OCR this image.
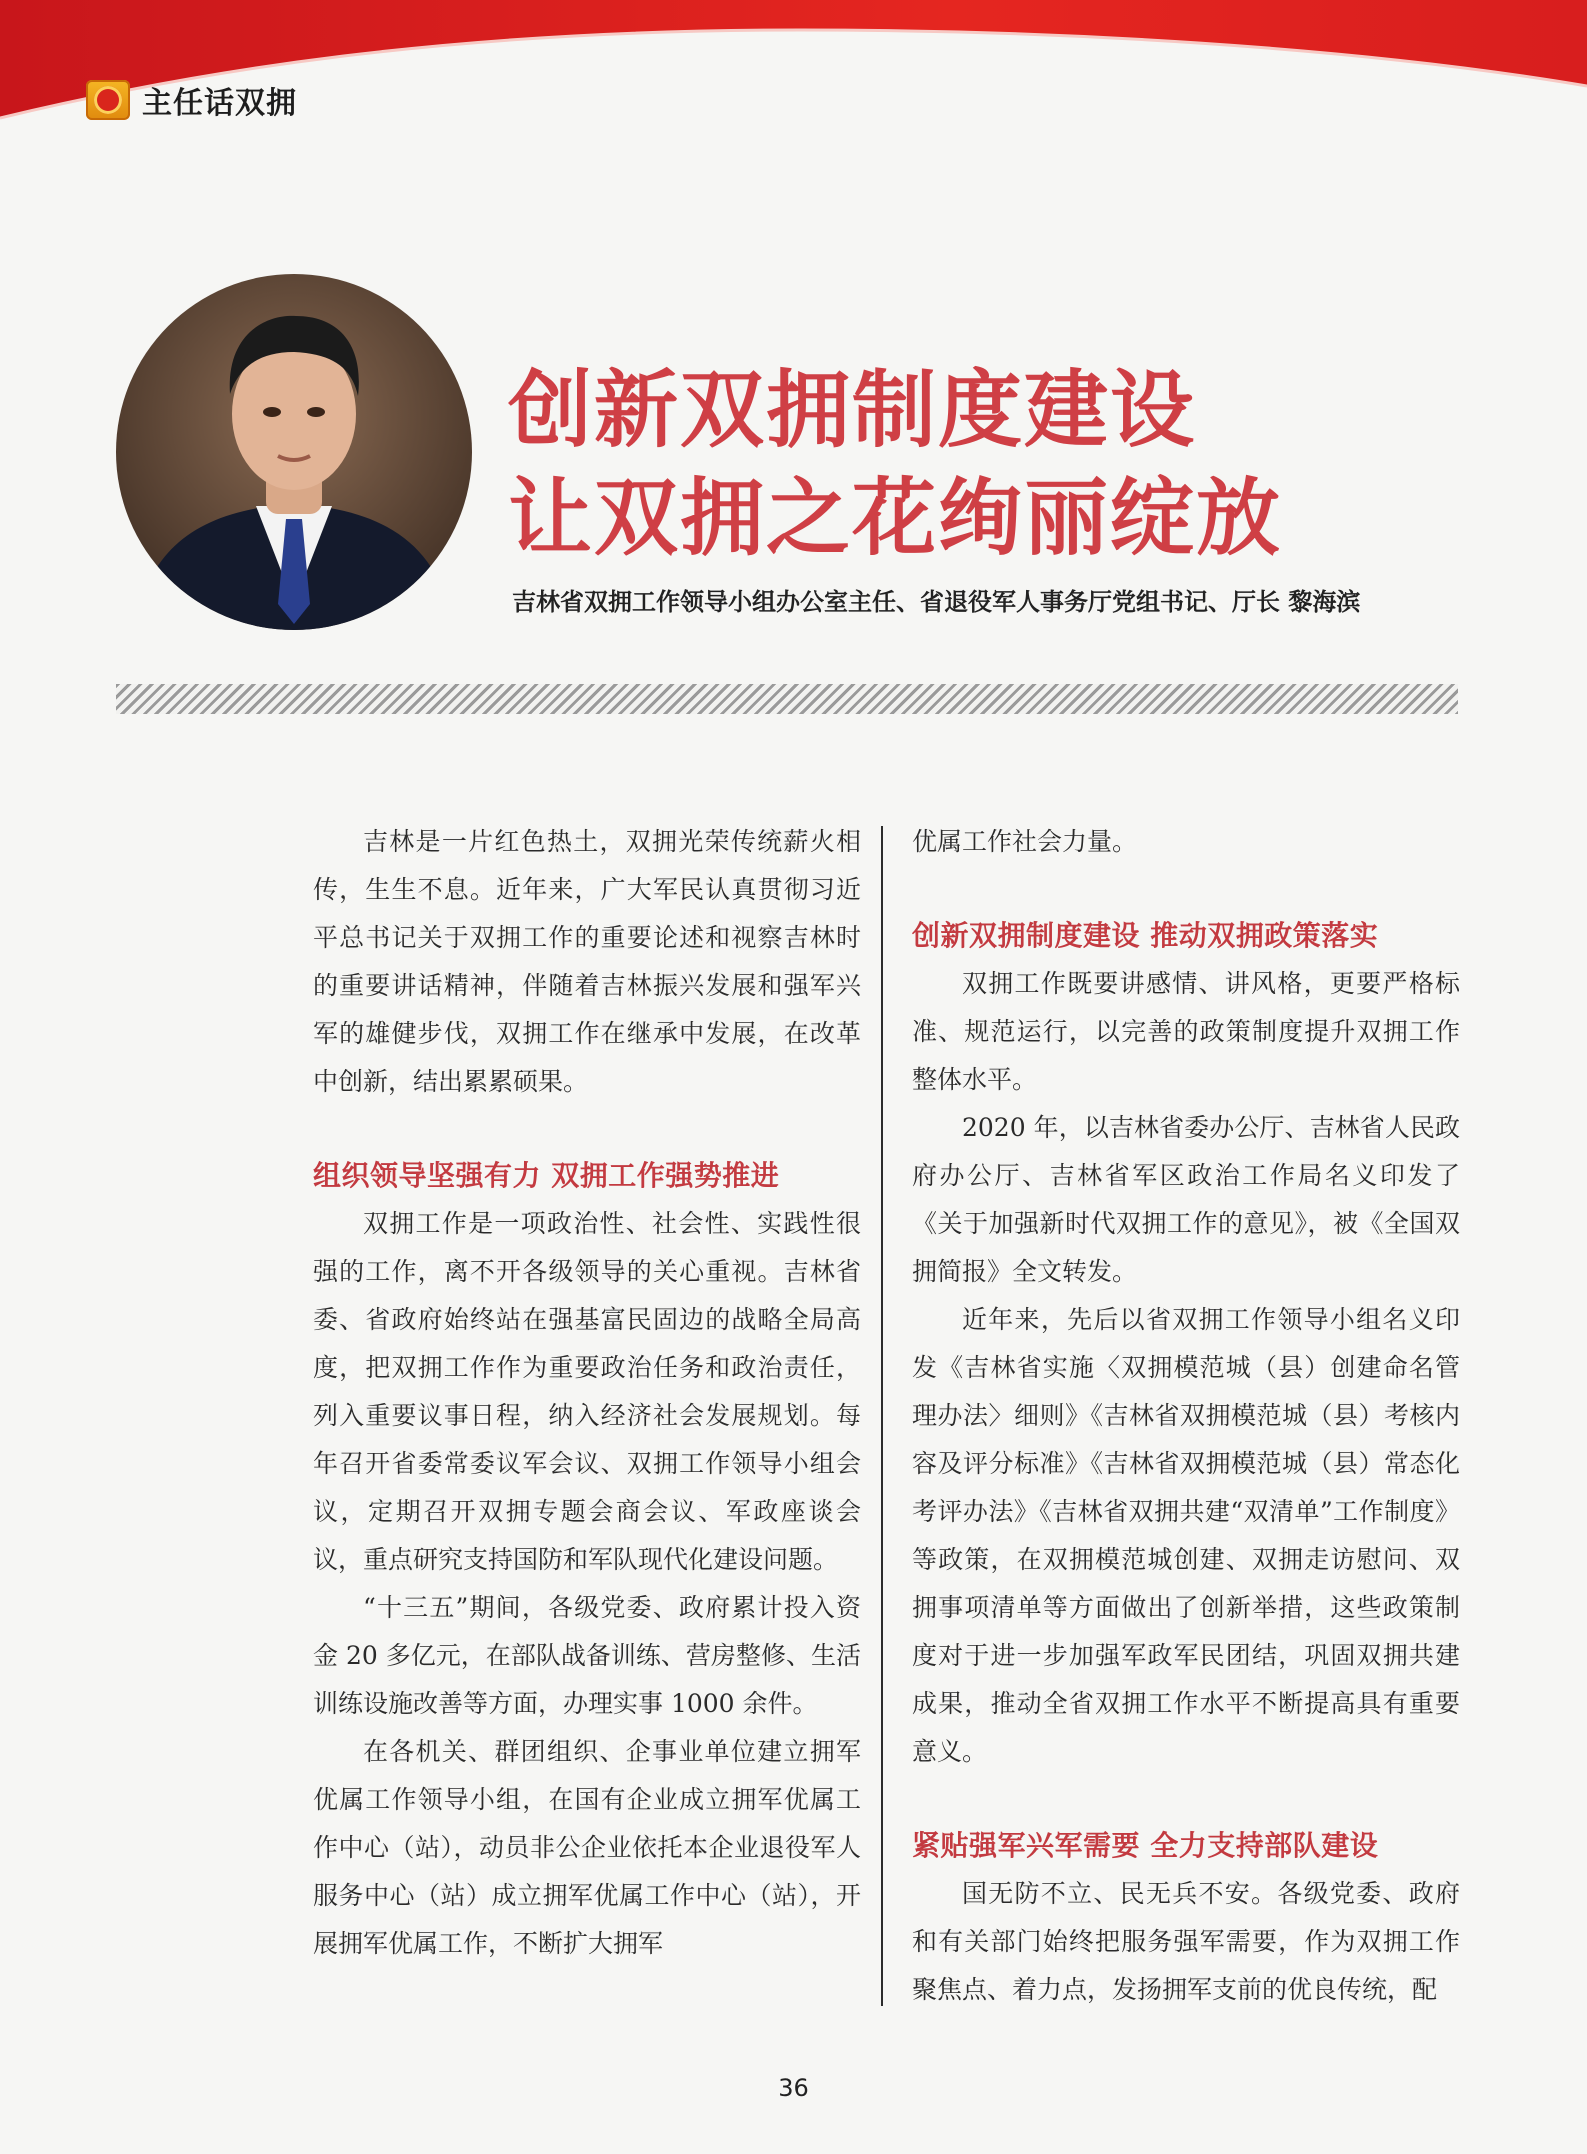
主任话双拥
创新双拥制度建设
让双拥之花绚丽绽放
吉林省双拥工作领导小组办公室主任、省退役军人事务厅党组书记、厅长 黎海滨

吉林是一片红色热土，双拥光荣传统薪火相传，生生不息。近年来，广大军民认真贯彻习近平总书记关于双拥工作的重要论述和视察吉林时的重要讲话精神，伴随着吉林振兴发展和强军兴军的雄健步伐，双拥工作在继承中发展，在改革中创新，结出累累硕果。

组织领导坚强有力 双拥工作强势推进

双拥工作是一项政治性、社会性、实践性很强的工作，离不开各级领导的关心重视。吉林省委、省政府始终站在强基富民固边的战略全局高度，把双拥工作作为重要政治任务和政治责任，列入重要议事日程，纳入经济社会发展规划。每年召开省委常委议军会议、双拥工作领导小组会议，定期召开双拥专题会商会议、军政座谈会议，重点研究支持国防和军队现代化建设问题。

“十三五”期间，各级党委、政府累计投入资金 20 多亿元，在部队战备训练、营房整修、生活训练设施改善等方面，办理实事 1000 余件。

在各机关、群团组织、企事业单位建立拥军优属工作领导小组，在国有企业成立拥军优属工作中心（站），动员非公企业依托本企业退役军人服务中心（站）成立拥军优属工作中心（站），开展拥军优属工作，不断扩大拥军

优属工作社会力量。

创新双拥制度建设 推动双拥政策落实

双拥工作既要讲感情、讲风格，更要严格标准、规范运行，以完善的政策制度提升双拥工作整体水平。

2020 年，以吉林省委办公厅、吉林省人民政府办公厅、吉林省军区政治工作局名义印发了《关于加强新时代双拥工作的意见》，被《全国双拥简报》全文转发。

近年来，先后以省双拥工作领导小组名义印发《吉林省实施〈双拥模范城（县）创建命名管理办法〉细则》《吉林省双拥模范城（县）考核内容及评分标准》《吉林省双拥模范城（县）常态化考评办法》《吉林省双拥共建“双清单”工作制度》等政策，在双拥模范城创建、双拥走访慰问、双拥事项清单等方面做出了创新举措，这些政策制度对于进一步加强军政军民团结，巩固双拥共建成果，推动全省双拥工作水平不断提高具有重要意义。

紧贴强军兴军需要 全力支持部队建设

国无防不立、民无兵不安。各级党委、政府和有关部门始终把服务强军需要，作为双拥工作聚焦点、着力点，发扬拥军支前的优良传统，配

36
